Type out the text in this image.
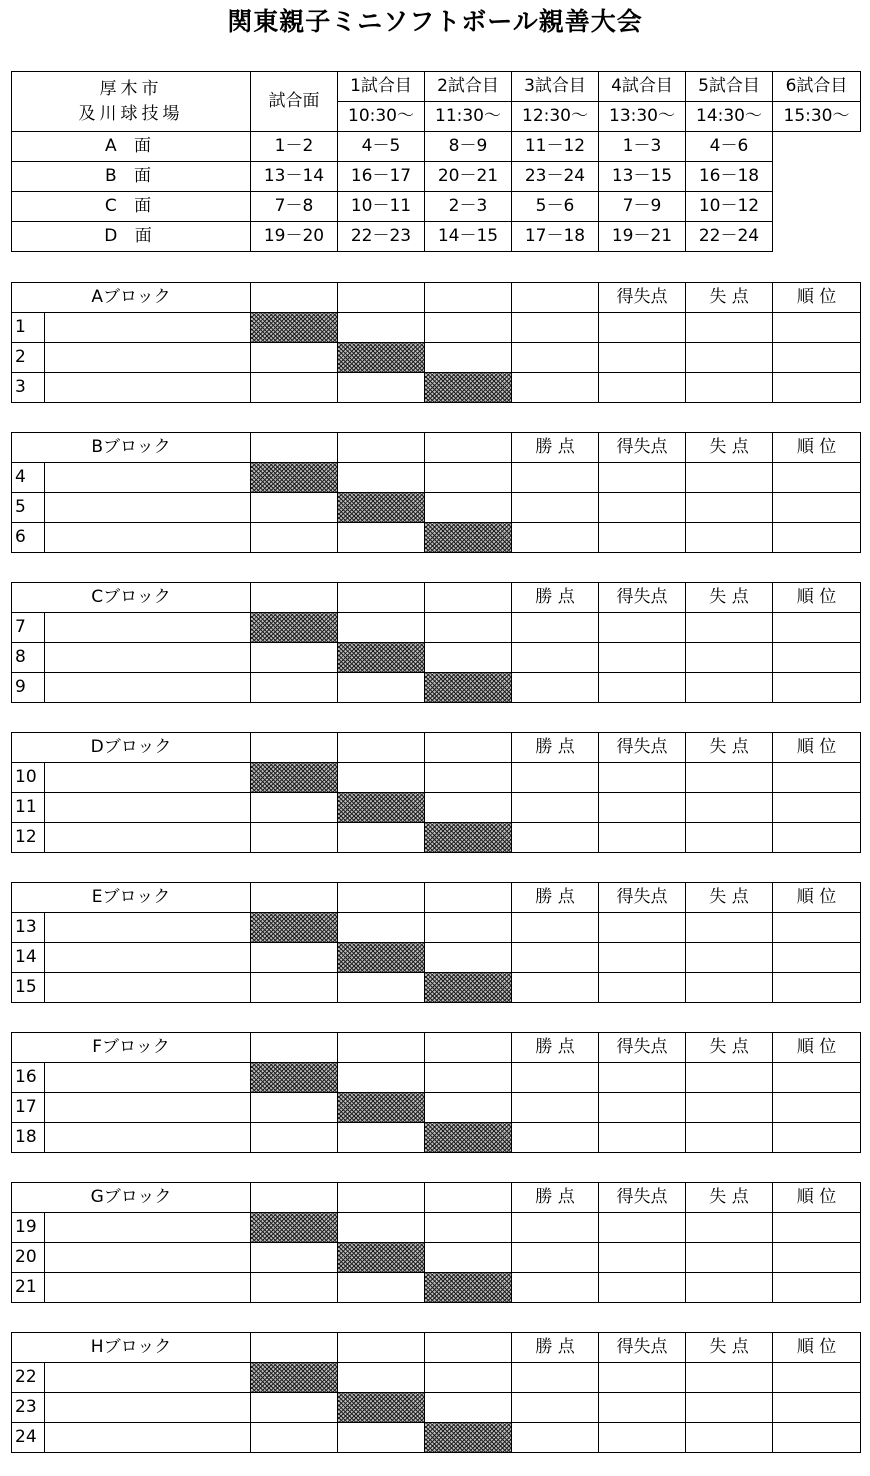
関東親子ミニソフトボール親善大会
厚木市
及川球技場	試合面	1試合目	2試合目	3試合目	4試合目	5試合目	6試合目
		10:30～	11:30～	12:30～	13:30～	14:30～	15:30～
A 面	1－2	4－5	8－9	11－12	1－3	4－6	
B 面	13－14	16－17	20－21	23－24	13－15	16－18	
C 面	7－8	10－11	2－3	5－6	7－9	10－12	
D 面	19－20	22－23	14－15	17－18	19－21	22－24	
Aブロック						得失点	失 点	順 位
1								
2								
3								
Bブロック					勝 点	得失点	失 点	順 位
4								
5								
6								
Cブロック					勝 点	得失点	失 点	順 位
7								
8								
9								
Dブロック					勝 点	得失点	失 点	順 位
10								
11								
12								
Eブロック					勝 点	得失点	失 点	順 位
13								
14								
15								
Fブロック					勝 点	得失点	失 点	順 位
16								
17								
18								
Gブロック					勝 点	得失点	失 点	順 位
19								
20								
21								
Hブロック					勝 点	得失点	失 点	順 位
22								
23								
24								
